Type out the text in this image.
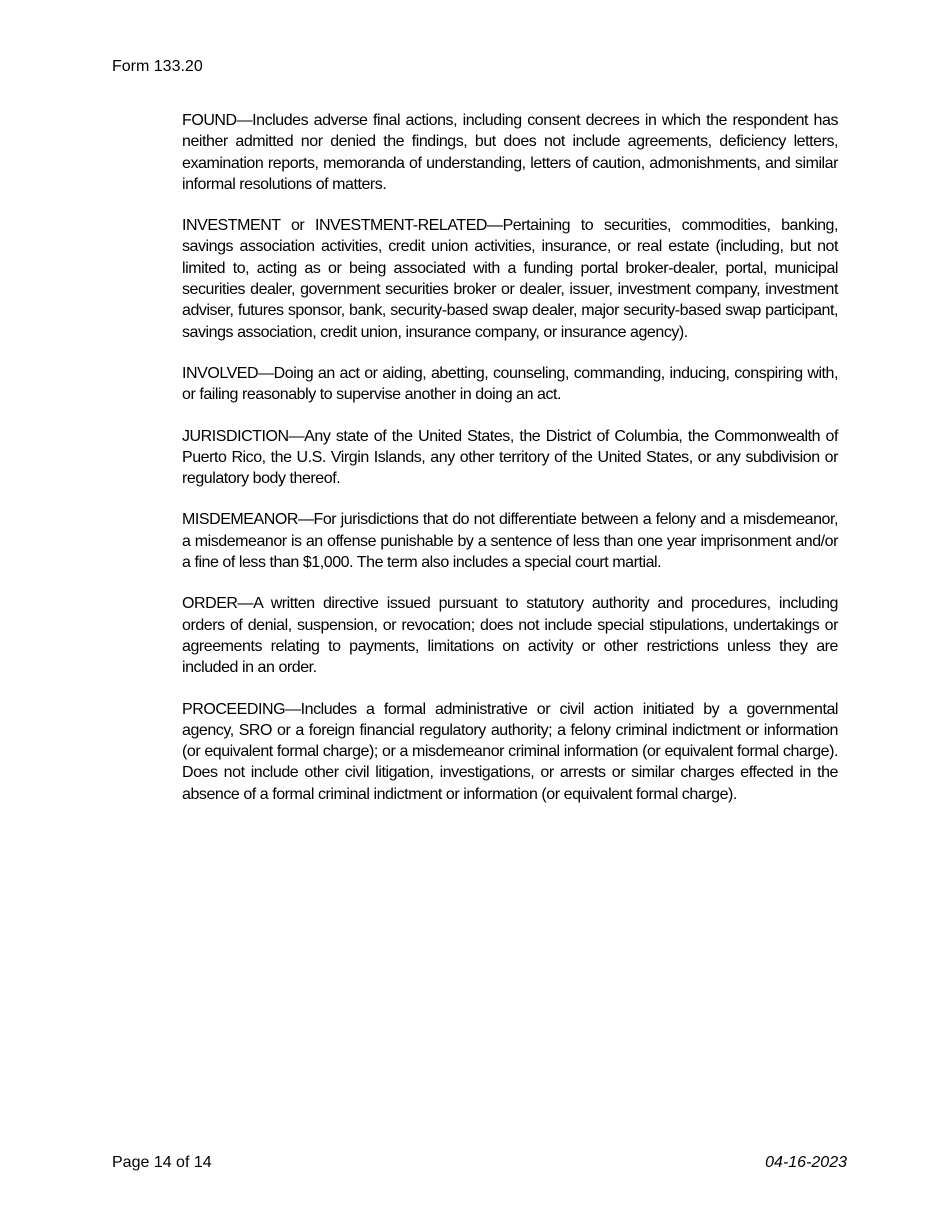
Form 133.20

FOUND—Includes adverse final actions, including consent decrees in which the respondent has neither admitted nor denied the findings, but does not include agreements, deficiency letters, examination reports, memoranda of understanding, letters of caution, admonishments, and similar informal resolutions of matters.

INVESTMENT or INVESTMENT-RELATED—Pertaining to securities, commodities, banking, savings association activities, credit union activities, insurance, or real estate (including, but not limited to, acting as or being associated with a funding portal broker-dealer, portal, municipal securities dealer, government securities broker or dealer, issuer, investment company, investment adviser, futures sponsor, bank, security-based swap dealer, major security-based swap participant, savings association, credit union, insurance company, or insurance agency).

INVOLVED—Doing an act or aiding, abetting, counseling, commanding, inducing, conspiring with, or failing reasonably to supervise another in doing an act.

JURISDICTION—Any state of the United States, the District of Columbia, the Commonwealth of Puerto Rico, the U.S. Virgin Islands, any other territory of the United States, or any subdivision or regulatory body thereof.

MISDEMEANOR—For jurisdictions that do not differentiate between a felony and a misdemeanor, a misdemeanor is an offense punishable by a sentence of less than one year imprisonment and/or a fine of less than $1,000. The term also includes a special court martial.

ORDER—A written directive issued pursuant to statutory authority and procedures, including orders of denial, suspension, or revocation; does not include special stipulations, undertakings or agreements relating to payments, limitations on activity or other restrictions unless they are included in an order.

PROCEEDING—Includes a formal administrative or civil action initiated by a governmental agency, SRO or a foreign financial regulatory authority; a felony criminal indictment or information (or equivalent formal charge); or a misdemeanor criminal information (or equivalent formal charge). Does not include other civil litigation, investigations, or arrests or similar charges effected in the absence of a formal criminal indictment or information (or equivalent formal charge).

Page 14 of 14	04-16-2023
